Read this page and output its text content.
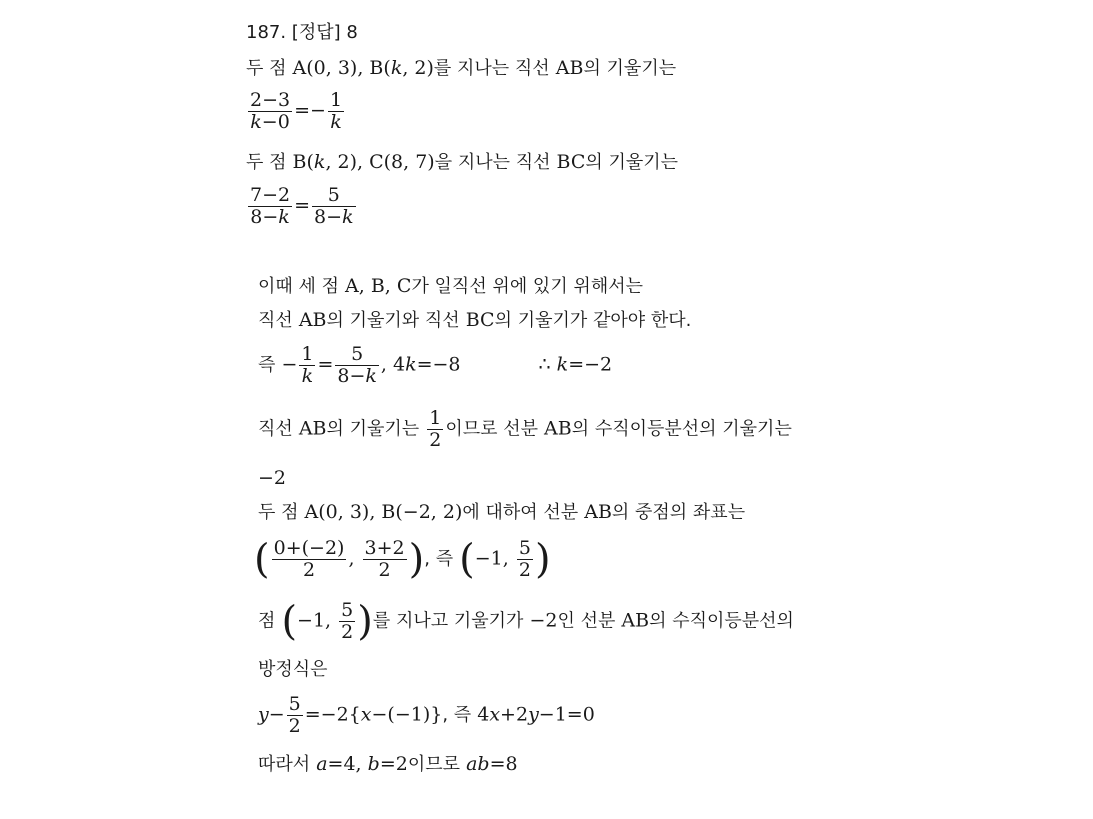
187. [정답] 8
두 점 A(0, 3), B(k, 2)를 지나는 직선 AB의 기울기는
$\frac{2-3}{k-0} =- \frac{1}{k}$
두 점 B(k, 2), C(8, 7)을 지나는 직선 BC의 기울기는
$\frac{7-2}{8-k} = \frac{5}{8-k}$
이때 세 점 A, B, C가 일직선 위에 있기 위해서는
직선 AB의 기울기와 직선 BC의 기울기가 같아야 한다.
즉 − $\frac{1}{k} = \frac{5}{8-k}$ , 4k=−8	∴ k=−2
직선 AB의 기울기는 $\frac{1}{2}$ 이므로 선분 AB의 수직이등분선의 기울기는
−2
두 점 A(0, 3), B(−2, 2)에 대하여 선분 AB의 중점의 좌표는
( $\frac{0+(-2)}{2}$ , $\frac{3+2}{2}$ ), 즉 (−1, $\frac{5}{2}$ )
점 (−1, $\frac{5}{2}$ )를 지나고 기울기가 −2인 선분 AB의 수직이등분선의
방정식은
$y- \frac{5}{2} =-2\{x-(-1)\}$, 즉 4x+2y−1=0
따라서 a=4, b=2이므로 ab=8
